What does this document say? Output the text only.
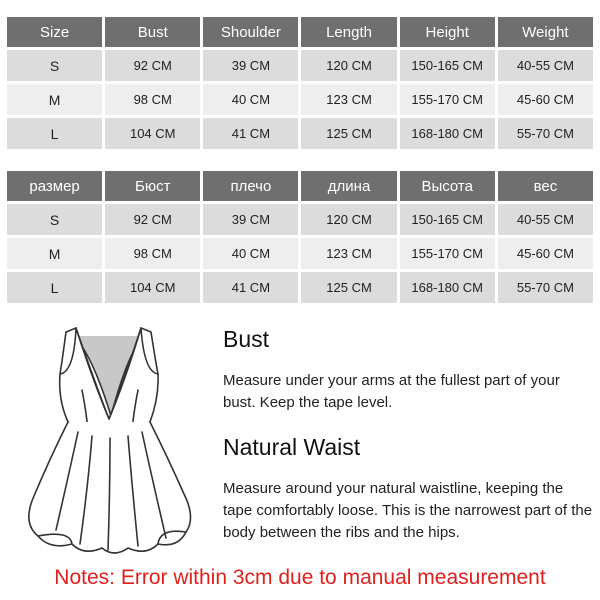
Size	Bust	Shoulder	Length	Height	Weight
S	92 CM	39 CM	120 CM	150-165 CM	40-55 CM
M	98 CM	40 CM	123 CM	155-170 CM	45-60 CM
L	104 CM	41 CM	125 CM	168-180 CM	55-70 CM
размер	Бюст	плечо	длина	Высота	вес
S	92 CM	39 CM	120 CM	150-165 CM	40-55 CM
M	98 CM	40 CM	123 CM	155-170 CM	45-60 CM
L	104 CM	41 CM	125 CM	168-180 CM	55-70 CM
Bust

Measure under your arms at the fullest part of your bust. Keep the tape level.

Natural Waist

Measure around your natural waistline, keeping the tape comfortably loose. This is the narrowest part of the body between the ribs and the hips.

Notes: Error within 3cm due to manual measurement
